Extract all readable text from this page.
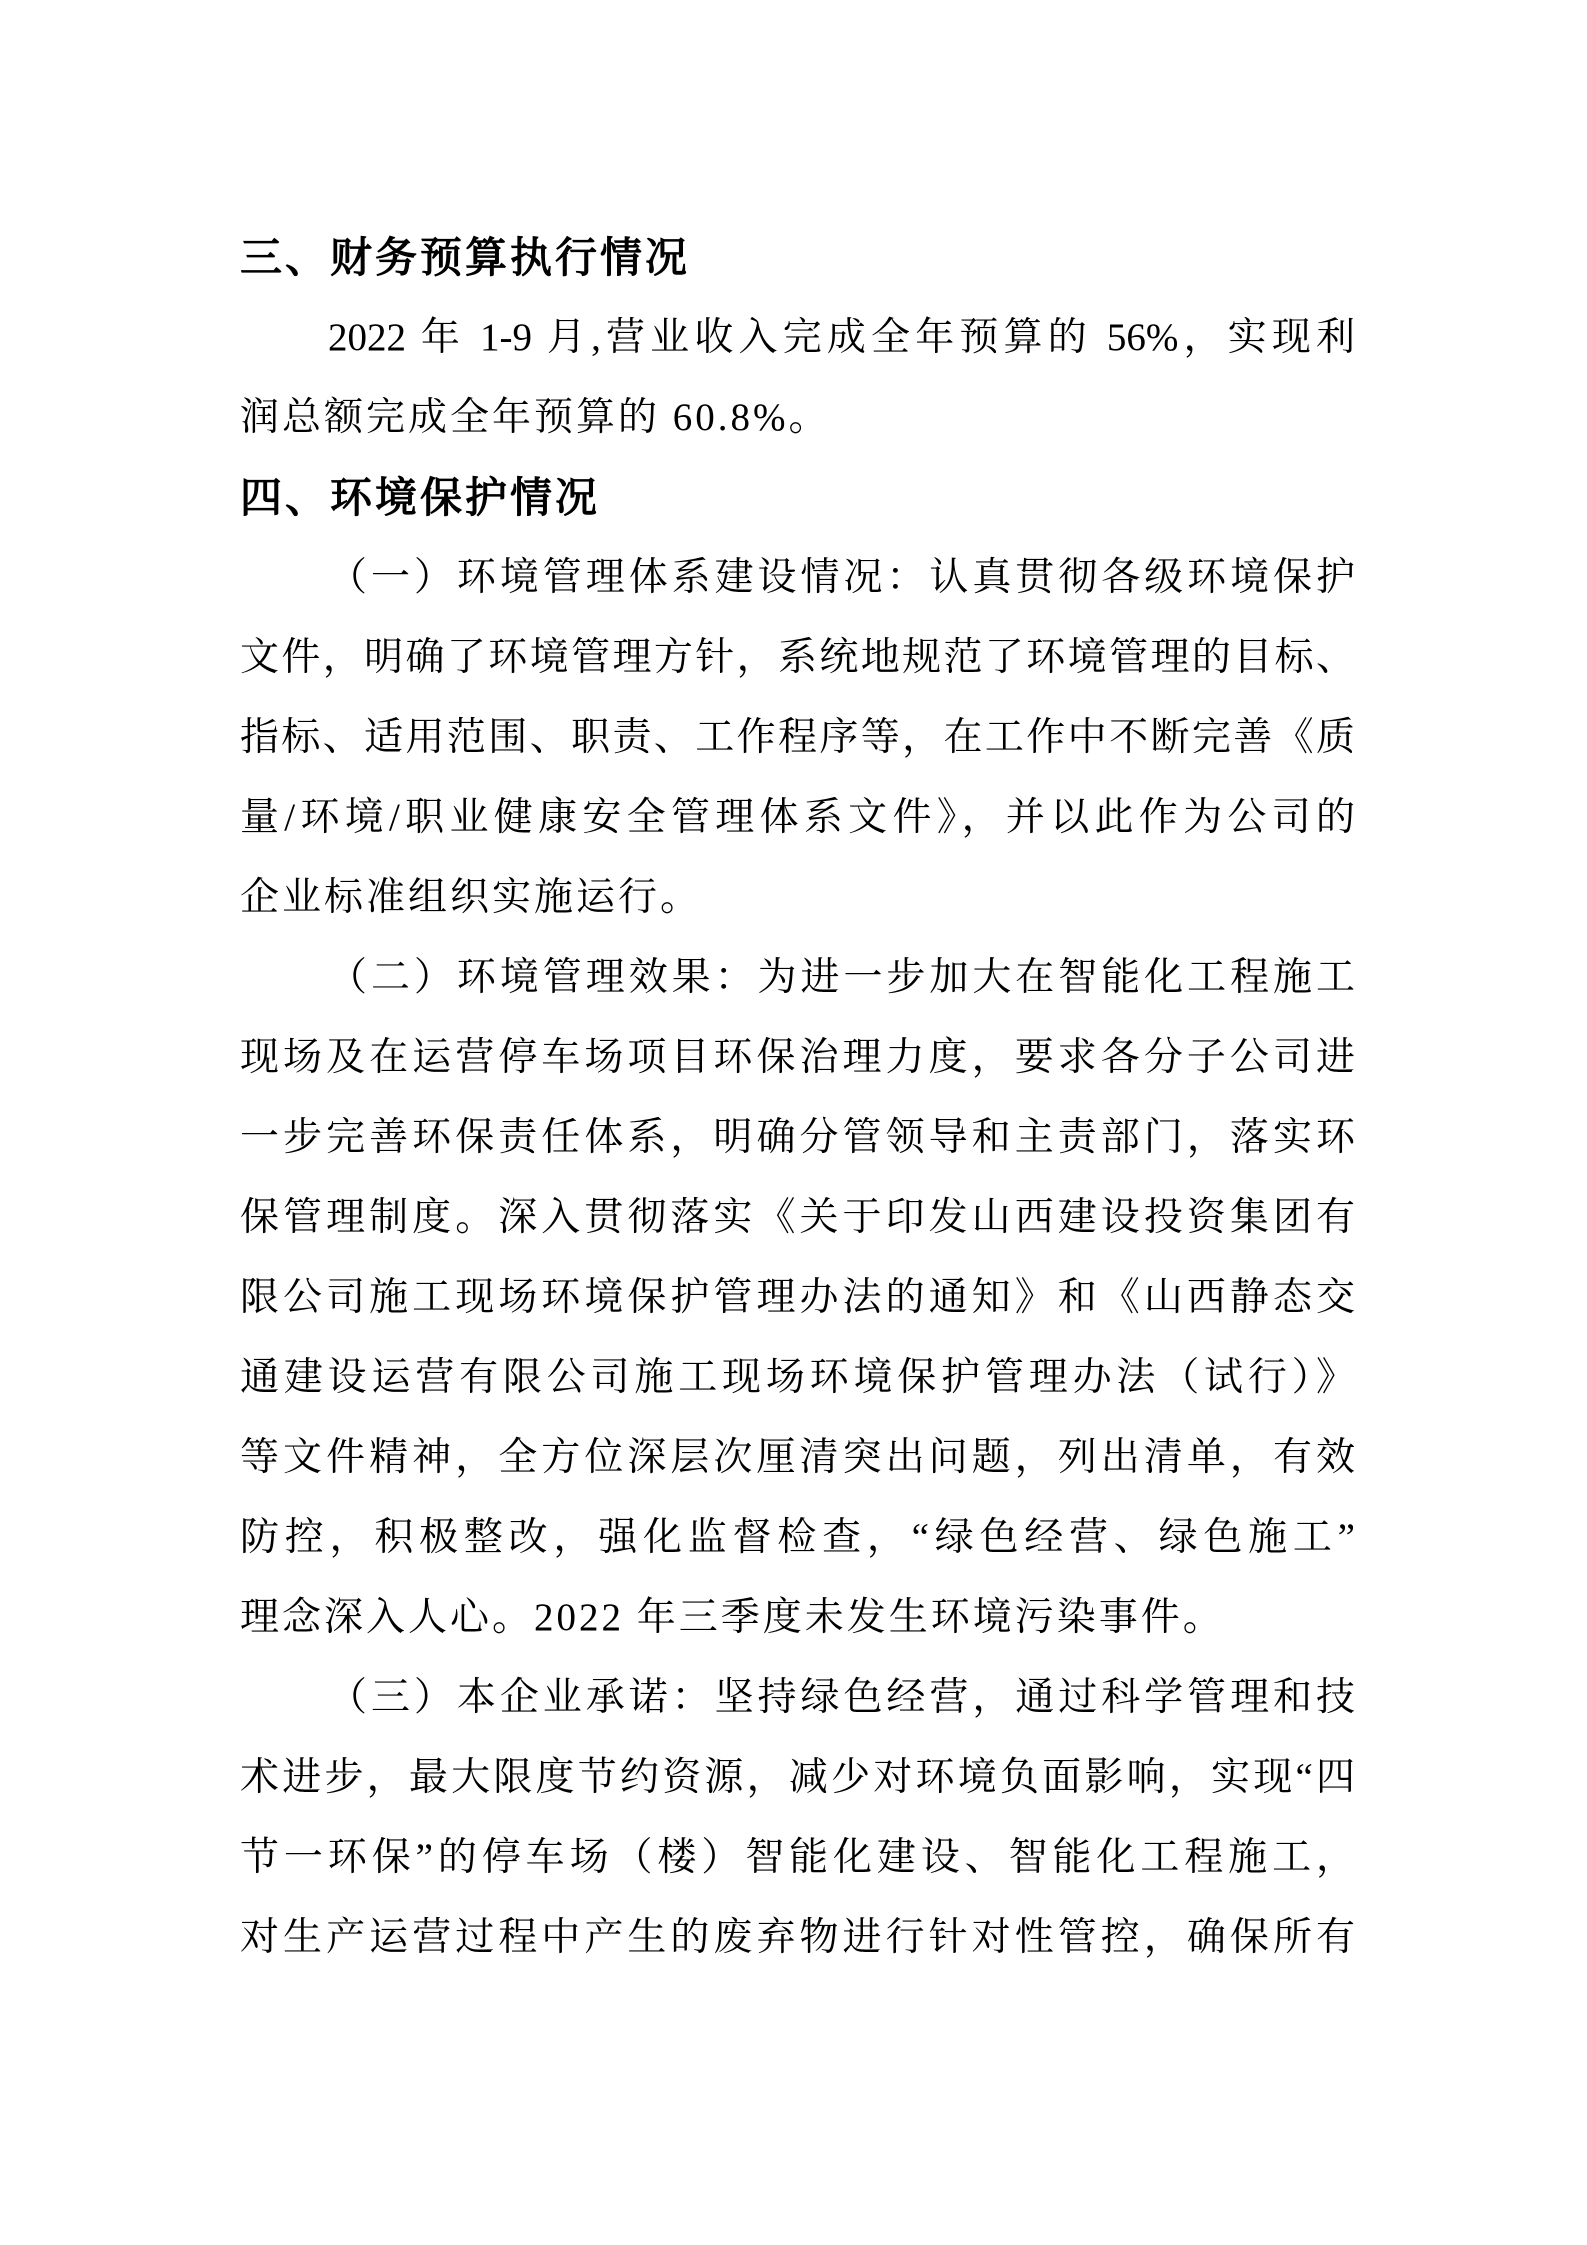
三、财务预算执行情况
2022 年 1-9 月,营业收入完成全年预算的 56%，实现利
润总额完成全年预算的 60.8%。
四、环境保护情况
（一）环境管理体系建设情况：认真贯彻各级环境保护
文件，明确了环境管理方针，系统地规范了环境管理的目标、
指标、适用范围、职责、工作程序等，在工作中不断完善《质
量/环境/职业健康安全管理体系文件》，并以此作为公司的
企业标准组织实施运行。
（二）环境管理效果：为进一步加大在智能化工程施工
现场及在运营停车场项目环保治理力度，要求各分子公司进
一步完善环保责任体系，明确分管领导和主责部门，落实环
保管理制度。深入贯彻落实《关于印发山西建设投资集团有
限公司施工现场环境保护管理办法的通知》和《山西静态交
通建设运营有限公司施工现场环境保护管理办法（试行）》
等文件精神，全方位深层次厘清突出问题，列出清单，有效
防控，积极整改，强化监督检查，“绿色经营、绿色施工”
理念深入人心。2022 年三季度未发生环境污染事件。
（三）本企业承诺：坚持绿色经营，通过科学管理和技
术进步，最大限度节约资源，减少对环境负面影响，实现“四
节一环保”的停车场（楼）智能化建设、智能化工程施工，
对生产运营过程中产生的废弃物进行针对性管控，确保所有
